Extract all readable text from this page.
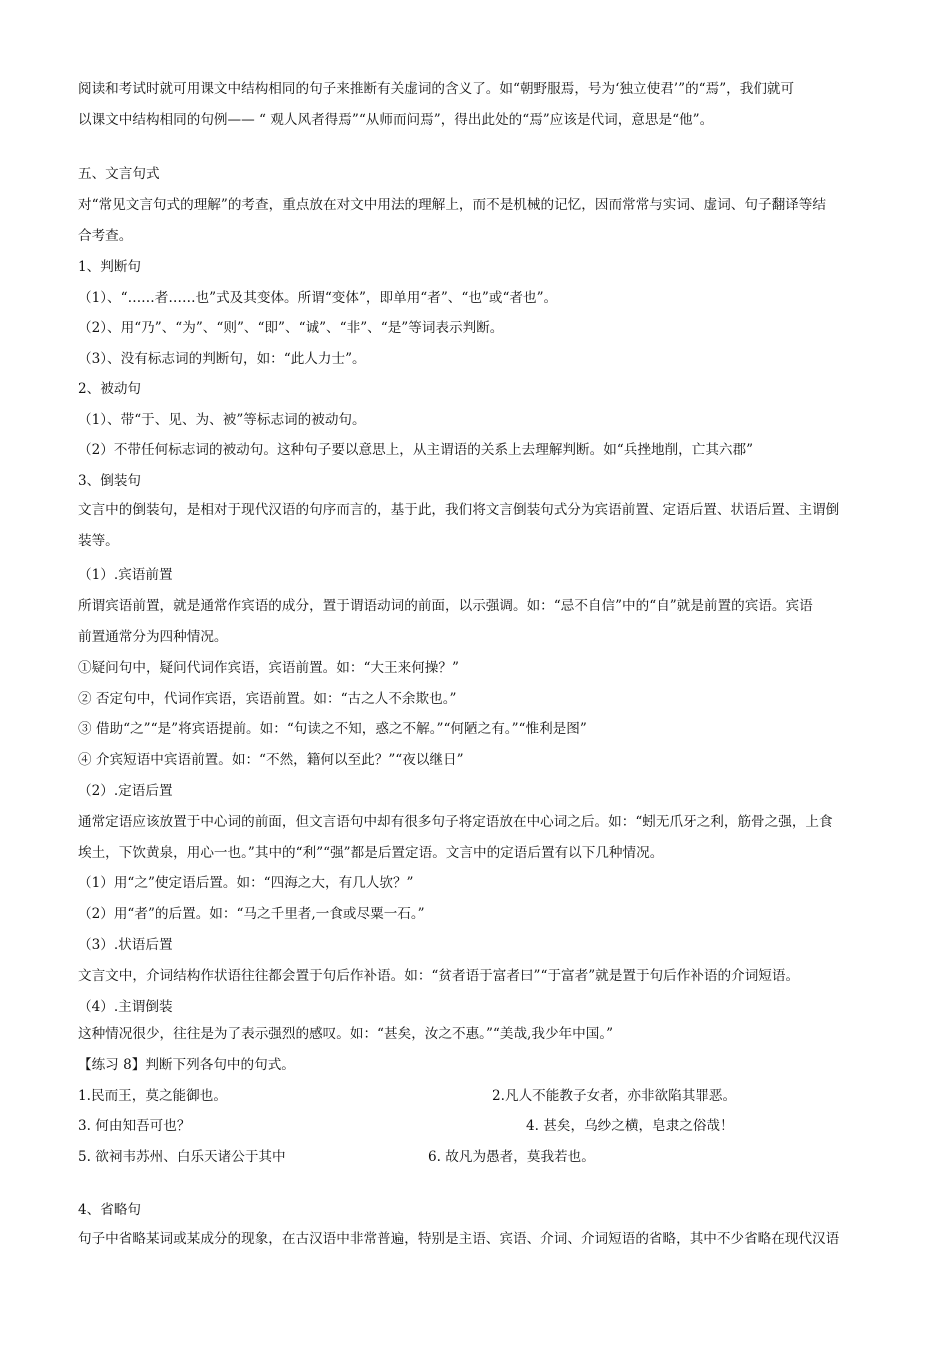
阅读和考试时就可用课文中结构相同的句子来推断有关虚词的含义了。如“朝野服焉，号为‘独立使君’”的“焉”，我们就可
以课文中结构相同的句例—— “ 观人风者得焉”“从师而问焉”，得出此处的“焉”应该是代词，意思是“他”。
五、文言句式
对“常见文言句式的理解”的考查，重点放在对文中用法的理解上，而不是机械的记忆，因而常常与实词、虚词、句子翻译等结
合考查。
1、判断句
（1）、“……者……也”式及其变体。所谓“变体”，即单用“者”、“也”或“者也”。
（2）、用“乃”、“为”、“则”、“即”、“诚”、“非”、“是”等词表示判断。
（3）、没有标志词的判断句，如：“此人力士”。
2、被动句
（1）、带“于、见、为、被”等标志词的被动句。
（2）不带任何标志词的被动句。这种句子要以意思上，从主谓语的关系上去理解判断。如“兵挫地削，亡其六郡”
3、倒装句
文言中的倒装句，是相对于现代汉语的句序而言的，基于此，我们将文言倒装句式分为宾语前置、定语后置、状语后置、主谓倒
装等。
（1）.宾语前置
所谓宾语前置，就是通常作宾语的成分，置于谓语动词的前面，以示强调。如：“忌不自信”中的“自”就是前置的宾语。宾语
前置通常分为四种情况。
①疑问句中，疑问代词作宾语，宾语前置。如：“大王来何操？”
② 否定句中，代词作宾语，宾语前置。如：“古之人不余欺也。”
③ 借助“之”“是”将宾语提前。如：“句读之不知，惑之不解。”“何陋之有。”“惟利是图”
④ 介宾短语中宾语前置。如：“不然，籍何以至此？”“夜以继日”
（2）.定语后置
通常定语应该放置于中心词的前面，但文言语句中却有很多句子将定语放在中心词之后。如：“蚓无爪牙之利，筋骨之强，上食
埃土，下饮黄泉，用心一也。”其中的“利”“强”都是后置定语。文言中的定语后置有以下几种情况。
（1）用“之”使定语后置。如：“四海之大，有几人欤？”
（2）用“者”的后置。如：“马之千里者,一食或尽粟一石。”
（3）.状语后置
文言文中，介词结构作状语往往都会置于句后作补语。如：“贫者语于富者曰”“于富者”就是置于句后作补语的介词短语。
（4）.主谓倒装
这种情况很少，往往是为了表示强烈的感叹。如：“甚矣，汝之不惠。”“美哉,我少年中国。”
【练习 8】判断下列各句中的句式。
1.民而王，莫之能御也。	2.凡人不能教子女者，亦非欲陷其罪恶。
3. 何由知吾可也？	4. 甚矣，乌纱之横，皂隶之俗哉！
5. 欲祠韦苏州、白乐天诸公于其中	6. 故凡为愚者，莫我若也。
4、省略句
句子中省略某词或某成分的现象，在古汉语中非常普遍，特别是主语、宾语、介词、介词短语的省略，其中不少省略在现代汉语
